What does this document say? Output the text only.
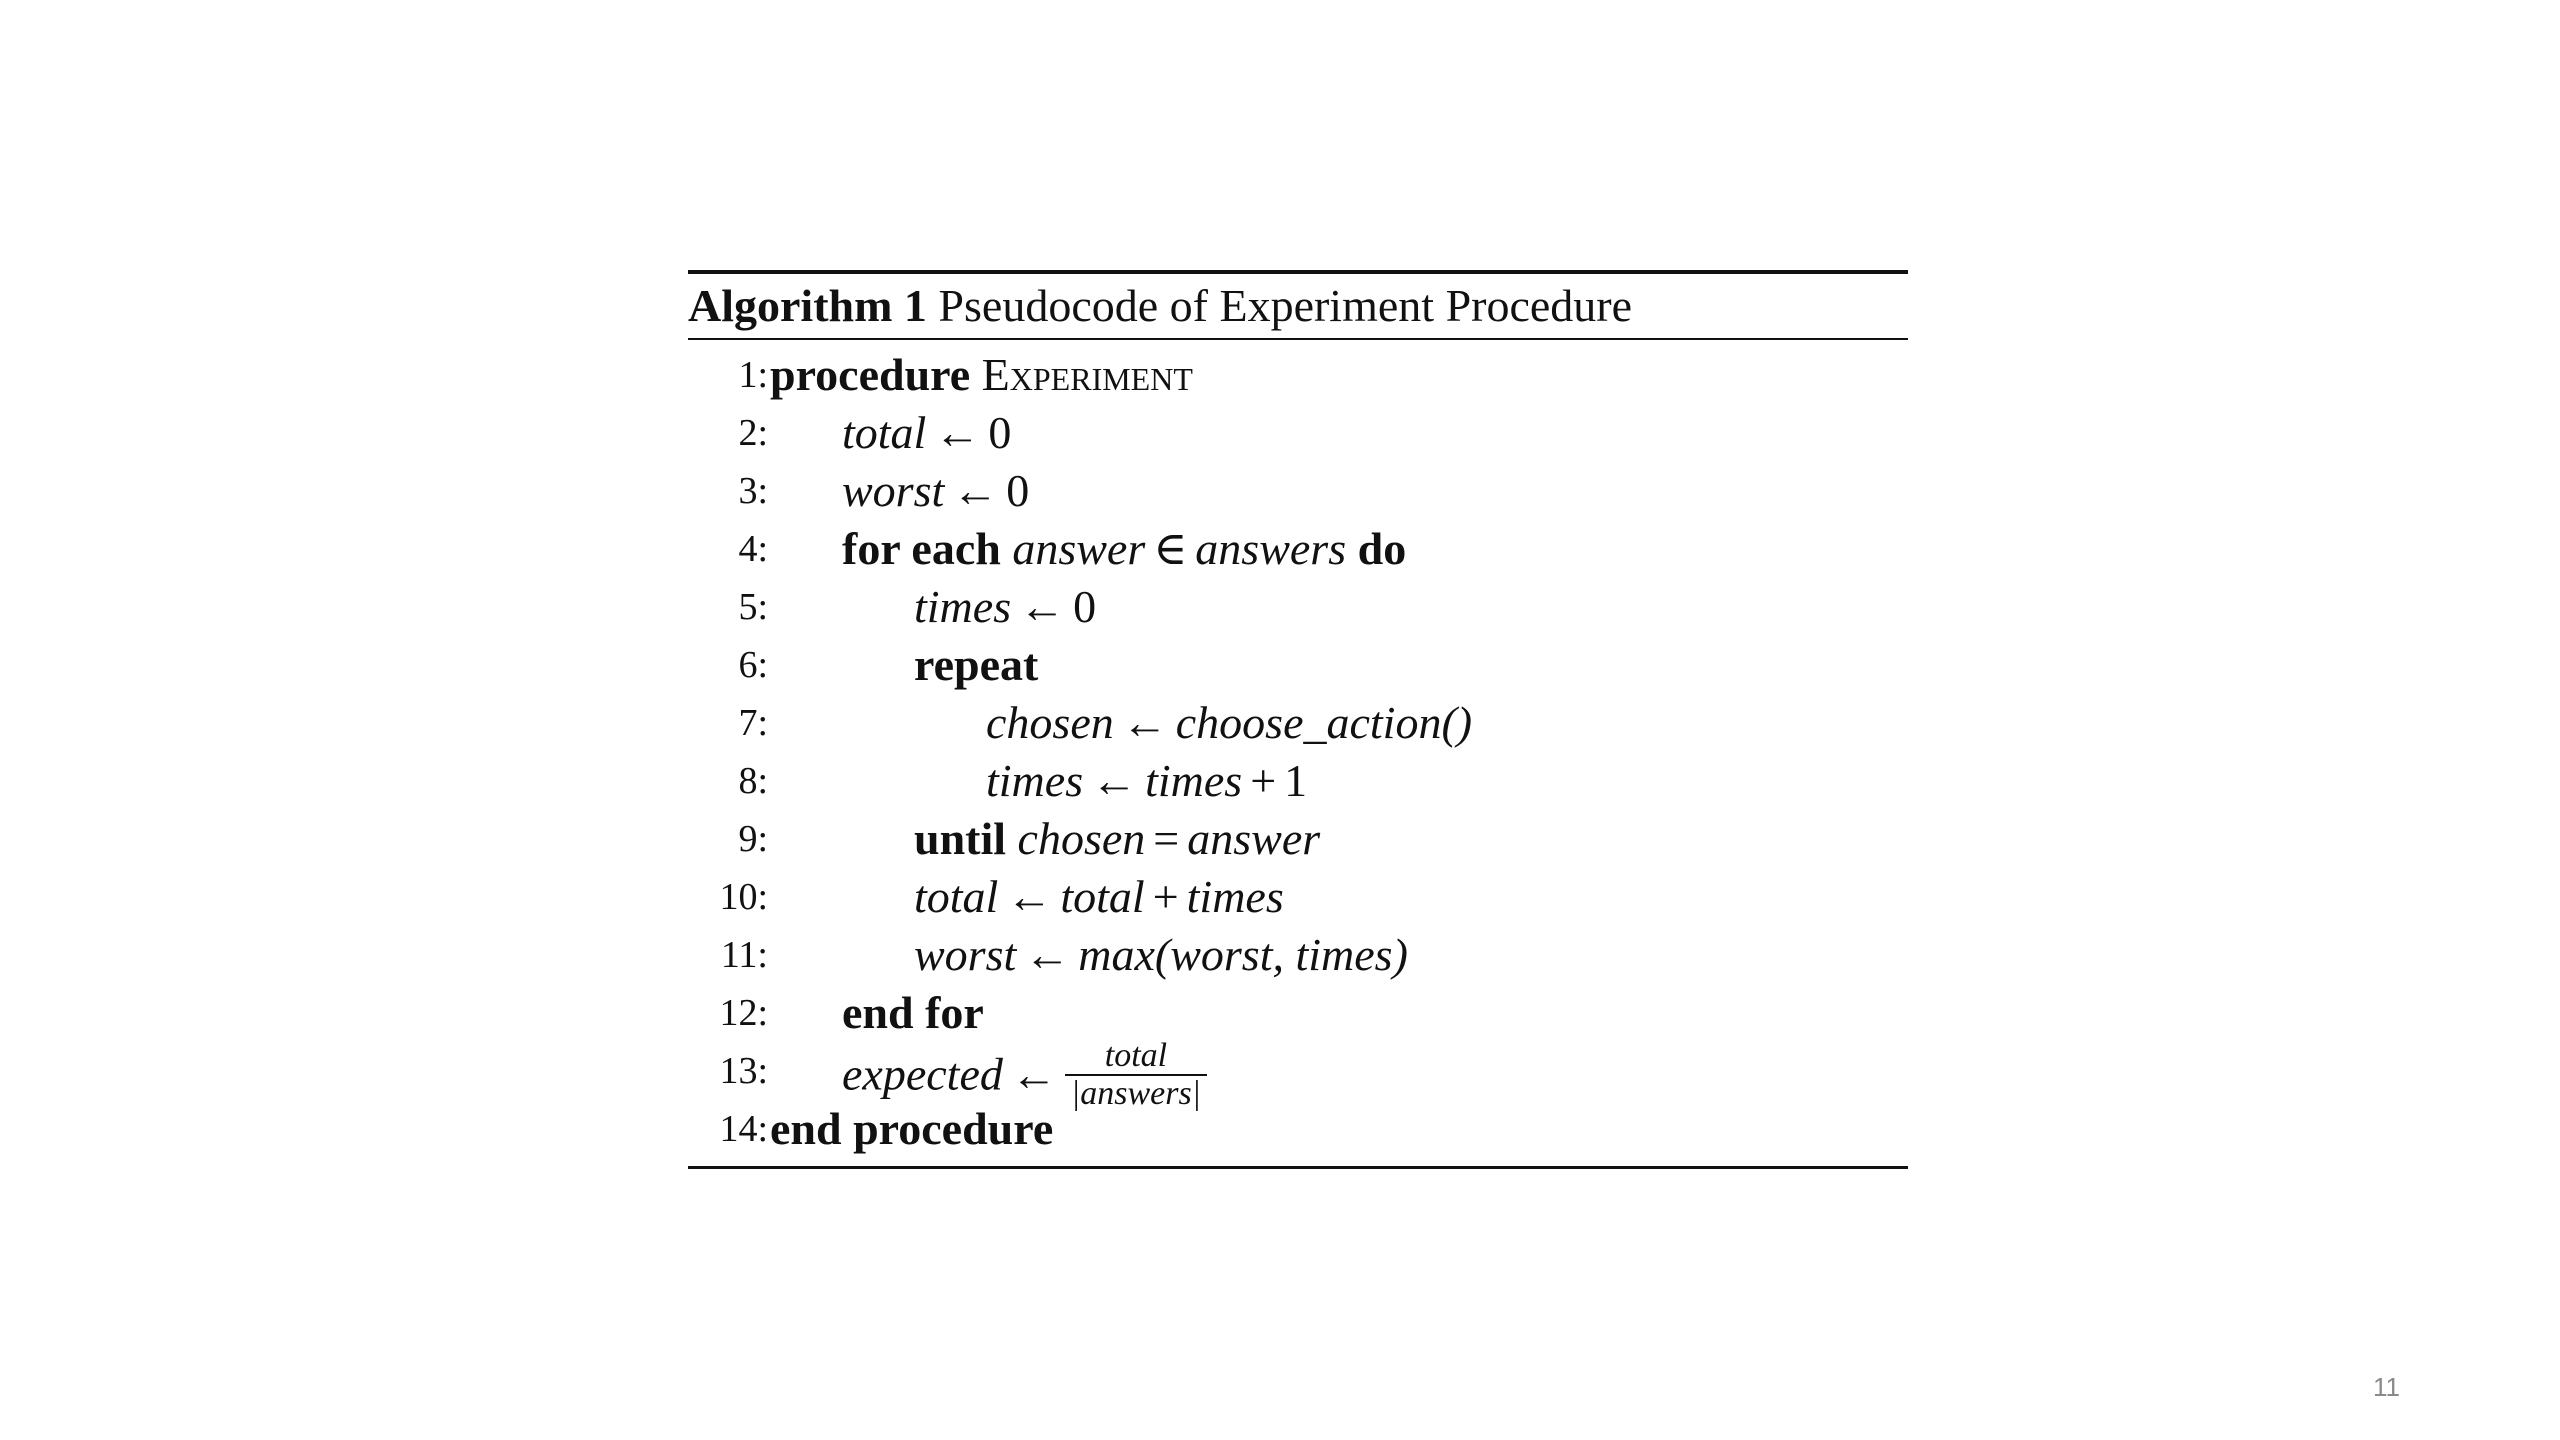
Algorithm 1 Pseudocode of Experiment Procedure
1: procedure Experiment
2: total ← 0
3: worst ← 0
4: for each answer ∈ answers do
5:	times ← 0
6:	repeat
7:	chosen ← choose_action()
8:	times ← times + 1
9:	until chosen = answer
10:	total ← total + times
11:	worst ← max(worst, times)
12: end for
13: expected ← $\frac{\text{total}}{\text{|answers|}}$
14: end procedure
11
